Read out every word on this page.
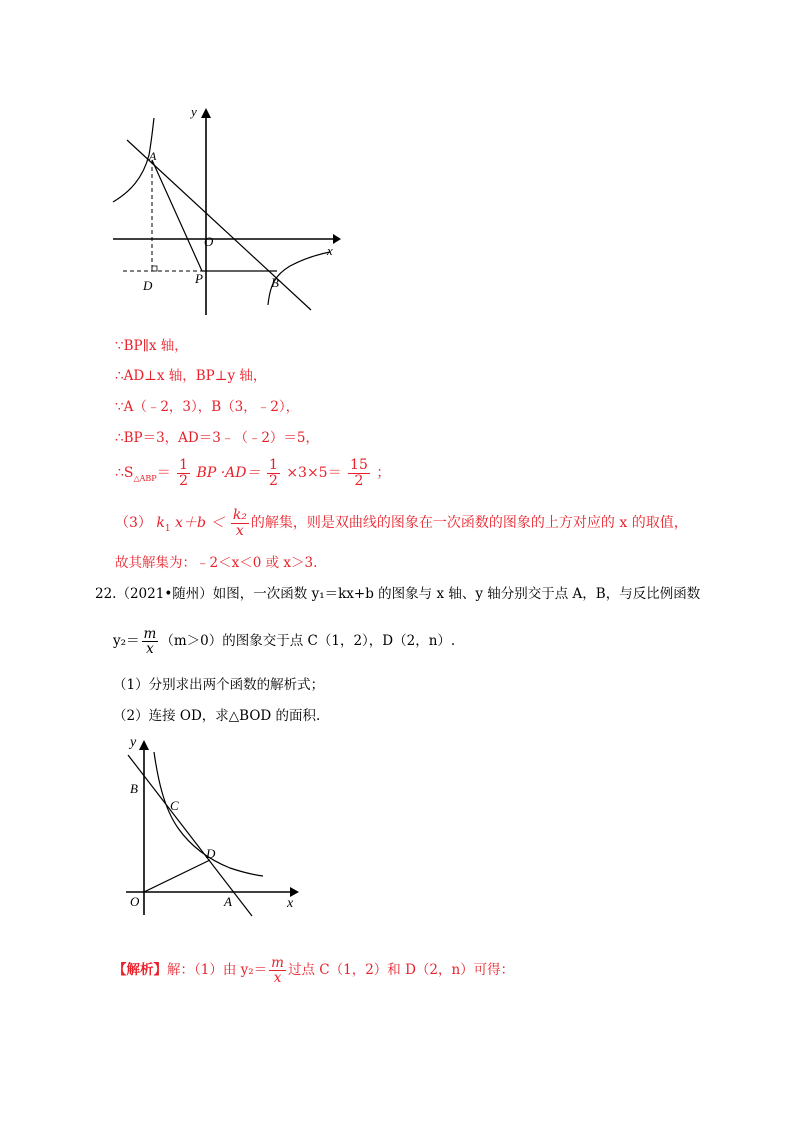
y
x
A
O
D	P	B
∵BP∥x 轴，
∴AD⊥x 轴，BP⊥y 轴，
∵A（﹣2，3），B（3，﹣2），
∴BP＝3，AD＝3﹣（﹣2）＝5，
$\therefore S_{\triangle ABP}= \frac{1}{2}$ BP $\cdot AD= \frac{1}{2} \times 3\times 5= \frac{15}{2}$ ；
（3） $k_1$ $x+b < \frac{\text{k₂}}{x}$ 的解集，则是双曲线的图象在一次函数的图象的上方对应的 x 的取值，
故其解集为：﹣2＜x＜0 或 x＞3.
22.（2021•随州）如图，一次函数 y₁＝kx+b 的图象与 x 轴、y 轴分别交于点 A，B，与反比例函数
$y_2= \frac{m}{x} (m>0)$的图象交于点 C（1，2），D（2，n）.
（1）分别求出两个函数的解析式；
（2）连接 OD，求△BOD 的面积.
y
x
B
C
D
O	A
【解析】解：（1）由 $y_2= \frac{m}{x}$ 过点 C（1，2）和 D（2，n）可得：
